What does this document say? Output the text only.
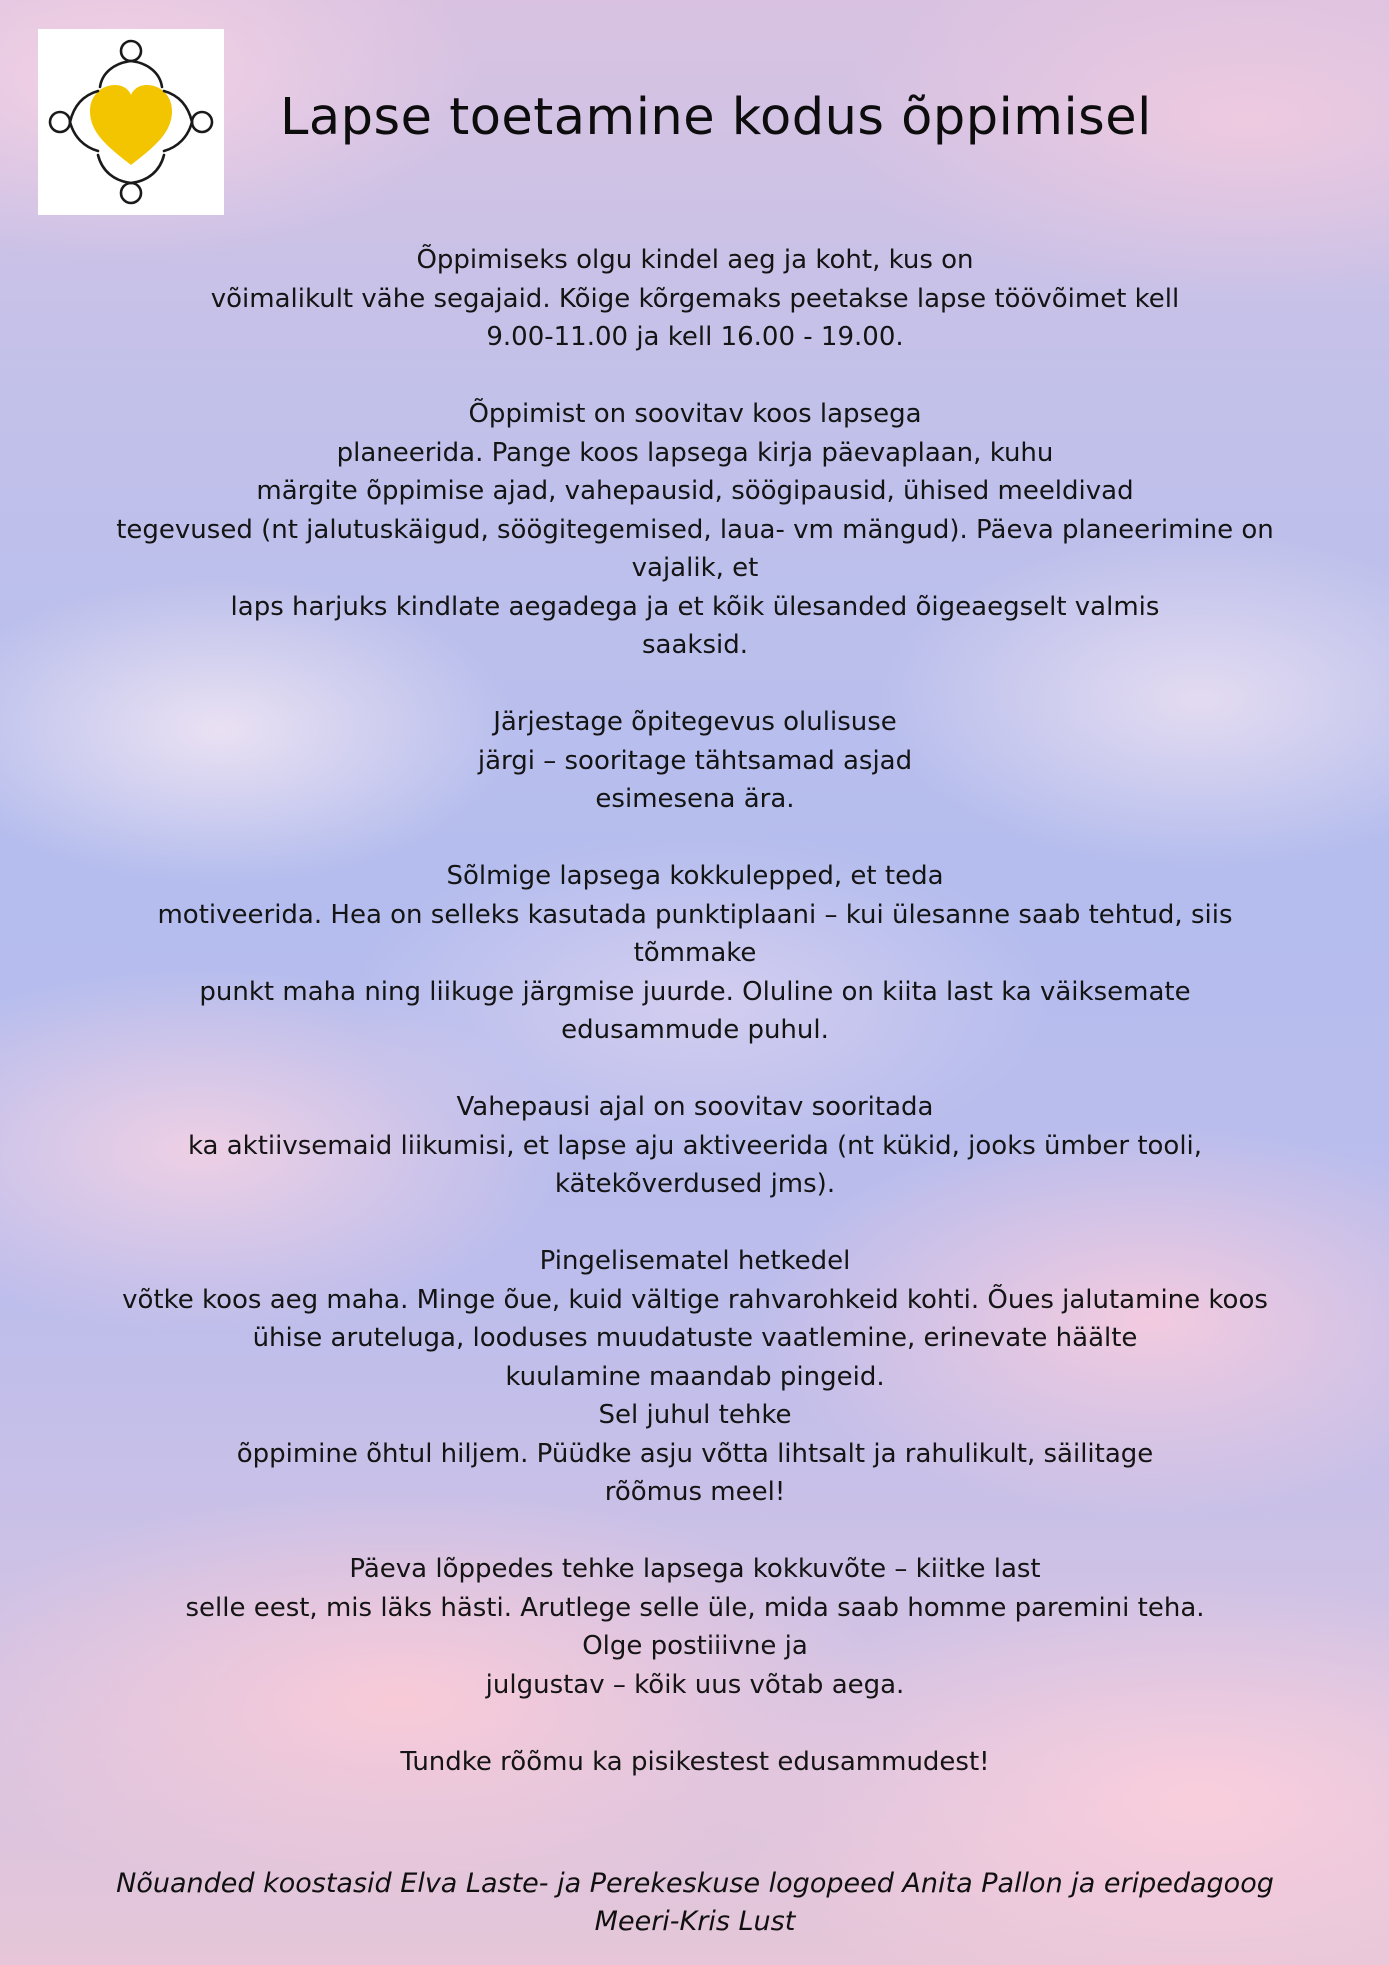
Lapse toetamine kodus õppimisel
Õppimiseks olgu kindel aeg ja koht, kus on
võimalikult vähe segajaid. Kõige kõrgemaks peetakse lapse töövõimet kell
9.00-11.00 ja kell 16.00 - 19.00.
Õppimist on soovitav koos lapsega
planeerida. Pange koos lapsega kirja päevaplaan, kuhu
märgite õppimise ajad, vahepausid, söögipausid, ühised meeldivad
tegevused (nt jalutuskäigud, söögitegemised, laua- vm mängud). Päeva planeerimine on
vajalik, et
laps harjuks kindlate aegadega ja et kõik ülesanded õigeaegselt valmis
saaksid.
Järjestage õpitegevus olulisuse
järgi – sooritage tähtsamad asjad
esimesena ära.
Sõlmige lapsega kokkulepped, et teda
motiveerida. Hea on selleks kasutada punktiplaani – kui ülesanne saab tehtud, siis
tõmmake
punkt maha ning liikuge järgmise juurde. Oluline on kiita last ka väiksemate
edusammude puhul.
Vahepausi ajal on soovitav sooritada
ka aktiivsemaid liikumisi, et lapse aju aktiveerida (nt kükid, jooks ümber tooli,
kätekõverdused jms).
Pingelisematel hetkedel
võtke koos aeg maha. Minge õue, kuid vältige rahvarohkeid kohti. Õues jalutamine koos
ühise aruteluga, looduses muudatuste vaatlemine, erinevate häälte
kuulamine maandab pingeid.
Sel juhul tehke
õppimine õhtul hiljem. Püüdke asju võtta lihtsalt ja rahulikult, säilitage
rõõmus meel!
Päeva lõppedes tehke lapsega kokkuvõte – kiitke last
selle eest, mis läks hästi. Arutlege selle üle, mida saab homme paremini teha.
Olge postiiivne ja
julgustav – kõik uus võtab aega.
Tundke rõõmu ka pisikestest edusammudest!
Nõuanded koostasid Elva Laste- ja Perekeskuse logopeed Anita Pallon ja eripedagoog
Meeri-Kris Lust
